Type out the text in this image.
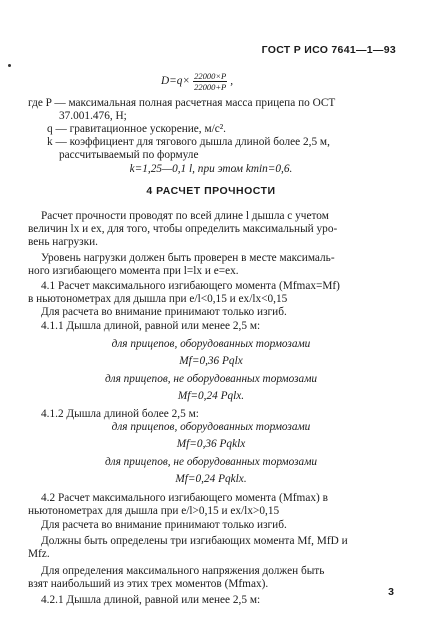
ГОСТ Р ИСО 7641—1—93
$D=q\times \frac{22000\times P}{22000+P}$ ,
где P — максимальная полная расчетная масса прицепа по ОСТ
37.001.476, Н;
q — гравитационное ускорение, м/с².
k — коэффициент для тягового дышла длиной более 2,5 м,
рассчитываемый по формуле
k=1,25—0,1 l, при этом kmin=0,6.
4 РАСЧЕТ ПРОЧНОСТИ
Расчет прочности проводят по всей длине l дышла с учетом
величин lx и ex, для того, чтобы определить максимальный уро-
вень нагрузки.
Уровень нагрузки должен быть проверен в месте максималь-
ного изгибающего момента при l=lx и e=ex.
4.1 Расчет максимального изгибающего момента (Mfmax=Mf)
в ньютонометрах для дышла при e/l<0,15 и ex/lx<0,15
Для расчета во внимание принимают только изгиб.
4.1.1 Дышла длиной, равной или менее 2,5 м:
для прицепов, оборудованных тормозами
Mf=0,36 Pqlx
для прицепов, не оборудованных тормозами
Mf=0,24 Pqlx.
4.1.2 Дышла длиной более 2,5 м:
для прицепов, оборудованных тормозами
Mf=0,36 Pqklx
для прицепов, не оборудованных тормозами
Mf=0,24 Pqklx.
4.2 Расчет максимального изгибающего момента (Mfmax) в
ньютонометрах для дышла при e/l>0,15 и ex/lx>0,15
Для расчета во внимание принимают только изгиб.
Должны быть определены три изгибающих момента Mf, MfD и
Mfz.
Для определения максимального напряжения должен быть
взят наибольший из этих трех моментов (Mfmax).
4.2.1 Дышла длиной, равной или менее 2,5 м:
3
